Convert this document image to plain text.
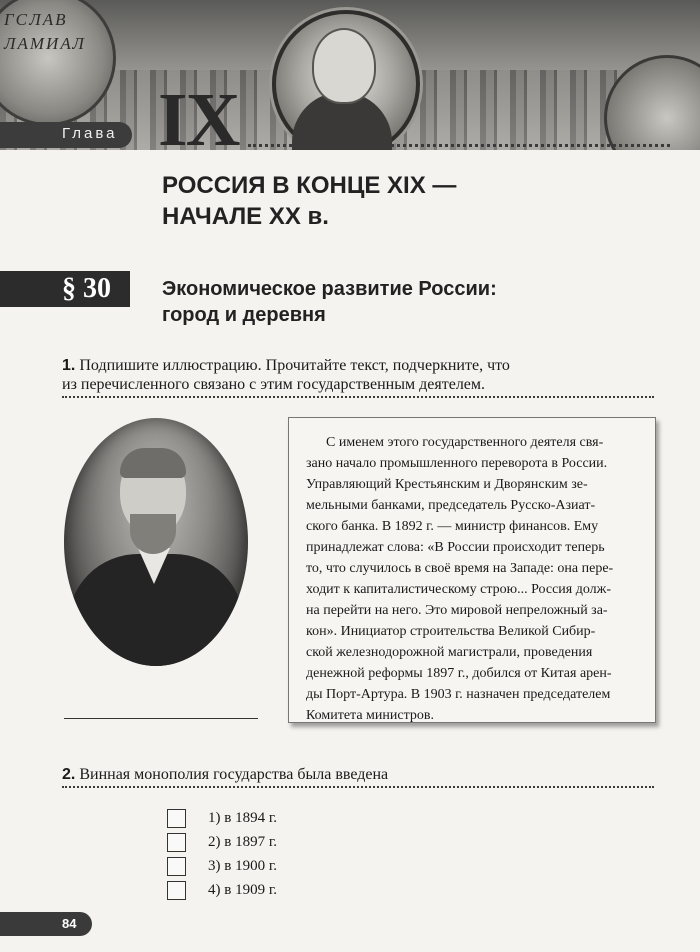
ГСЛАВ
ЛАМИАЛ
Глава IX
РОССИЯ В КОНЦЕ XIX —
НАЧАЛЕ XX в.
§ 30	Экономическое развитие России:
город и деревня
1. Подпишите иллюстрацию. Прочитайте текст, подчеркните, что
из перечисленного связано с этим государственным деятелем.
С именем этого государственного деятеля свя-
зано начало промышленного переворота в России.
Управляющий Крестьянским и Дворянским зе-
мельными банками, председатель Русско-Азиат-
ского банка. В 1892 г. — министр финансов. Ему
принадлежат слова: «В России происходит теперь
то, что случилось в своё время на Западе: она пере-
ходит к капиталистическому строю... Россия долж-
на перейти на него. Это мировой непреложный за-
кон». Инициатор строительства Великой Сибир-
ской железнодорожной магистрали, проведения
денежной реформы 1897 г., добился от Китая арен-
ды Порт-Артура. В 1903 г. назначен председателем
Комитета министров.
2. Винная монополия государства была введена
1) в 1894 г.
2) в 1897 г.
3) в 1900 г.
4) в 1909 г.
84
